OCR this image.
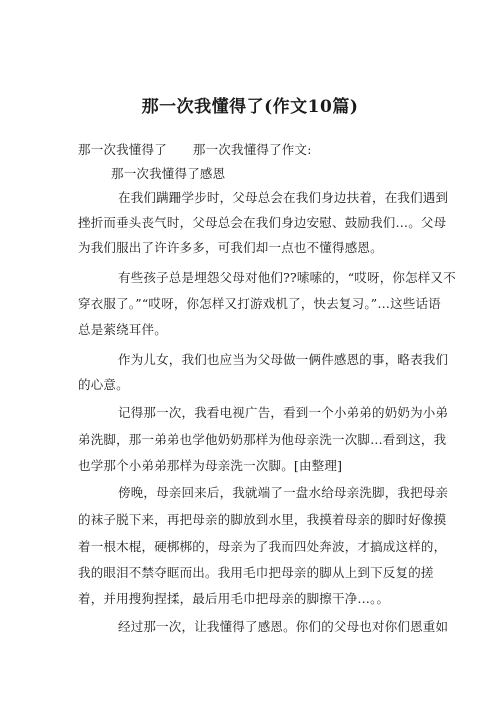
那一次我懂得了(作文10篇)
那一次我懂得了 那一次我懂得了作文:
那一次我懂得了感恩
在我们蹒跚学步时，父母总会在我们身边扶着，在我们遇到
挫折而垂头丧气时，父母总会在我们身边安慰、鼓励我们…。父母
为我们服出了许许多多，可我们却一点也不懂得感恩。
有些孩子总是埋怨父母对他们??嗦嗦的，“哎呀，你怎样又不
穿衣服了。”“哎呀，你怎样又打游戏机了，快去复习。”…这些话语
总是萦绕耳伴。
作为儿女，我们也应当为父母做一俩件感恩的事，略表我们
的心意。
记得那一次，我看电视广告，看到一个小弟弟的奶奶为小弟
弟洗脚，那一弟弟也学他奶奶那样为他母亲洗一次脚…看到这，我
也学那个小弟弟那样为母亲洗一次脚。[由整理]
傍晚，母亲回来后，我就端了一盘水给母亲洗脚，我把母亲
的袜子脱下来，再把母亲的脚放到水里，我摸着母亲的脚时好像摸
着一根木棍，硬梆梆的，母亲为了我而四处奔波，才搞成这样的，
我的眼泪不禁夺眶而出。我用毛巾把母亲的脚从上到下反复的搓
着，并用搜狗捏揉，最后用毛巾把母亲的脚擦干净…。。
经过那一次，让我懂得了感恩。你们的父母也对你们恩重如
